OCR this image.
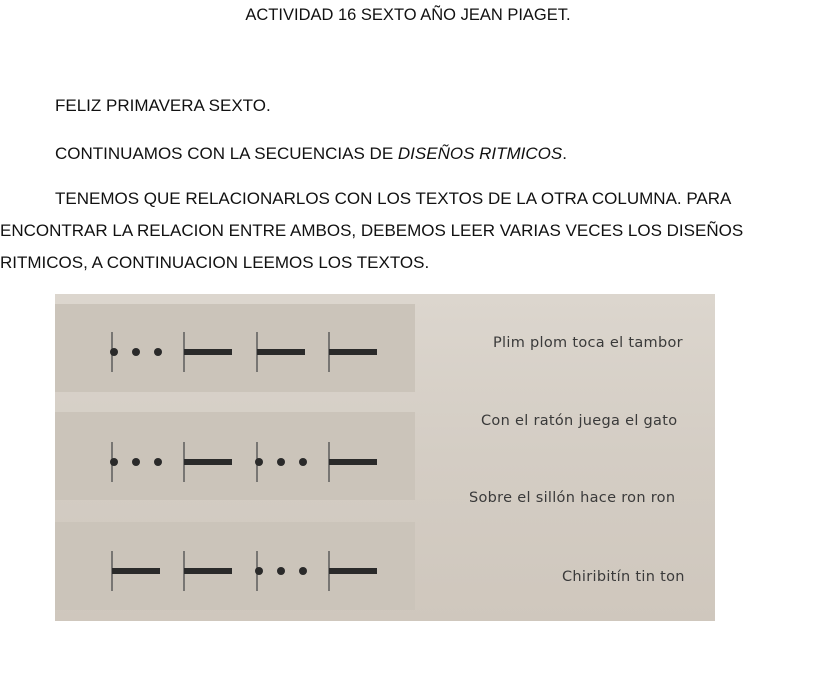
ACTIVIDAD 16 SEXTO AÑO JEAN PIAGET.
FELIZ PRIMAVERA SEXTO.
CONTINUAMOS CON LA SECUENCIAS DE DISEÑOS RITMICOS.
TENEMOS QUE RELACIONARLOS CON LOS TEXTOS DE LA OTRA COLUMNA. PARA
ENCONTRAR LA RELACION ENTRE AMBOS, DEBEMOS LEER VARIAS VECES LOS DISEÑOS
RITMICOS, A CONTINUACION LEEMOS LOS TEXTOS.
Plim plom toca el tambor
Con el ratón juega el gato
Sobre el sillón hace ron ron
Chiribitín tin ton
